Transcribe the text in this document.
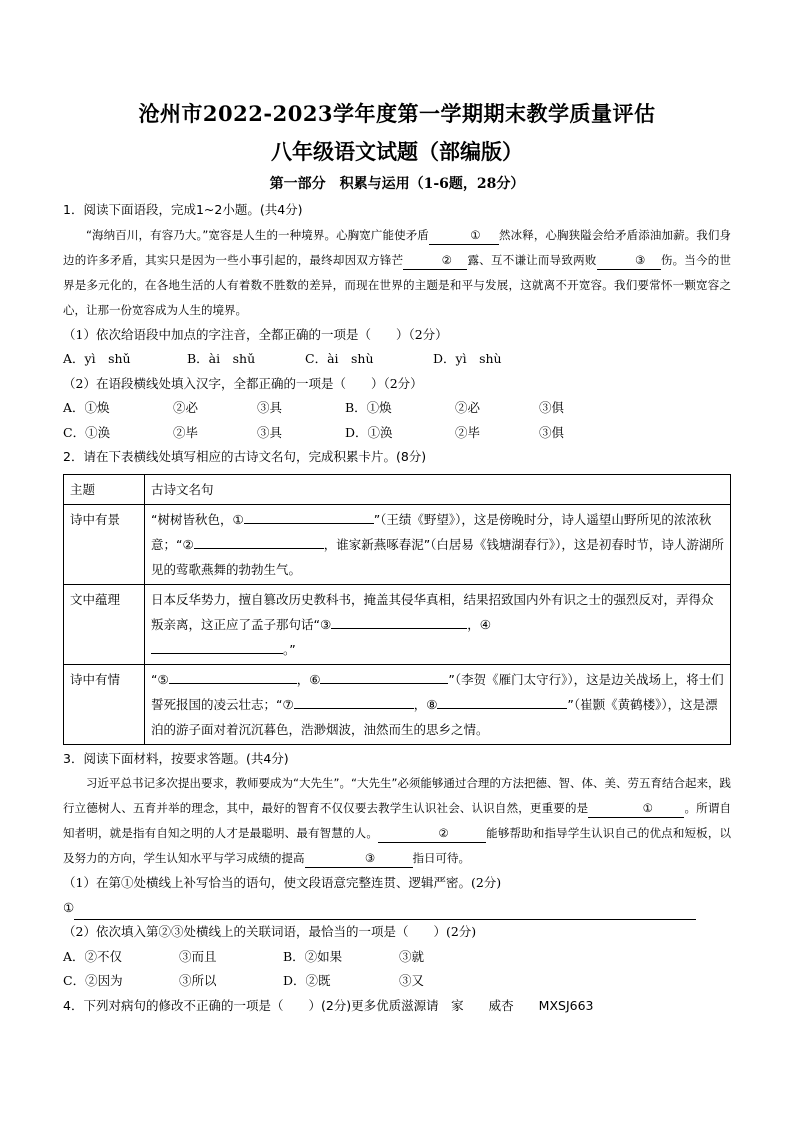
沧州市2022-2023学年度第一学期期末教学质量评估
八年级语文试题（部编版）
第一部分　积累与运用（1-6题，28分）
1．阅读下面语段，完成1~2小题。(共4分)
“海纳百川，有容乃大。”宽容是人生的一种境界。心胸宽广能使矛盾	① 然冰释，心胸狭隘会给矛盾添油加薪。我们身边的许多矛盾，其实只是因为一些小事引起的，最终却因双方锋芒	② 露、互不谦让而导致两败	③ 伤。当今的世界是多元化的，在各地生活的人有着数不胜数的差异，而现在世界的主题是和平与发展，这就离不开宽容。我们要常怀一颗宽容之心，让那一份宽容成为人生的境界。
（1）依次给语段中加点的字注音，全都正确的一项是（　　）（2分）
A．yì　shǔ	B．ài　shǔ	C．ài　shù	D．yì　shù
（2）在语段横线处填入汉字，全都正确的一项是（　　）（2分）
A．①焕	②必	③具	B．①焕	②必	③俱
C．①涣	②毕	③具	D．①涣	②毕	③俱
2．请在下表横线处填写相应的古诗文名句，完成积累卡片。(8分)
主题	古诗文名句
诗中有景	“树树皆秋色，① ”（王绩《野望》），这是傍晚时分，诗人遥望山野所见的浓浓秋意；“② ，谁家新燕啄春泥”（白居易《钱塘湖春行》），这是初春时节，诗人游湖所见的莺歌燕舞的勃勃生气。
文中蕴理	日本反华势力，擅自篡改历史教科书，掩盖其侵华真相，结果招致国内外有识之士的强烈反对，弄得众叛亲离，这正应了孟子那句话“③ ，④
。”
诗中有情	“⑤ ，⑥ ”（李贺《雁门太守行》），这是边关战场上，将士们誓死报国的凌云壮志；“⑦ ，⑧ ”（崔颢《黄鹤楼》），这是漂泊的游子面对着沉沉暮色，浩渺烟波，油然而生的思乡之情。
3．阅读下面材料，按要求答题。(共4分)
习近平总书记多次提出要求，教师要成为“大先生”。“大先生”必须能够通过合理的方法把德、智、体、美、劳五育结合起来，践行立德树人、五育并举的理念，其中，最好的智育不仅仅要去教学生认识社会、认识自然，更重要的是	①	。所谓自知者明，就是指有自知之明的人才是最聪明、最有智慧的人。	②	能够帮助和指导学生认识自己的优点和短板，以及努力的方向，学生认知水平与学习成绩的提高	③	指日可待。
（1）在第①处横线上补写恰当的语句，使文段语意完整连贯、逻辑严密。(2分)
①
（2）依次填入第②③处横线上的关联词语，最恰当的一项是（　　）(2分)
A．②不仅	③而且	B．②如果	③就
C．②因为	③所以	D．②既	③又
4．下列对病句的修改不正确的一项是（　　）(2分)更多优质滋源请　家　　威杏　　MXSJ663
